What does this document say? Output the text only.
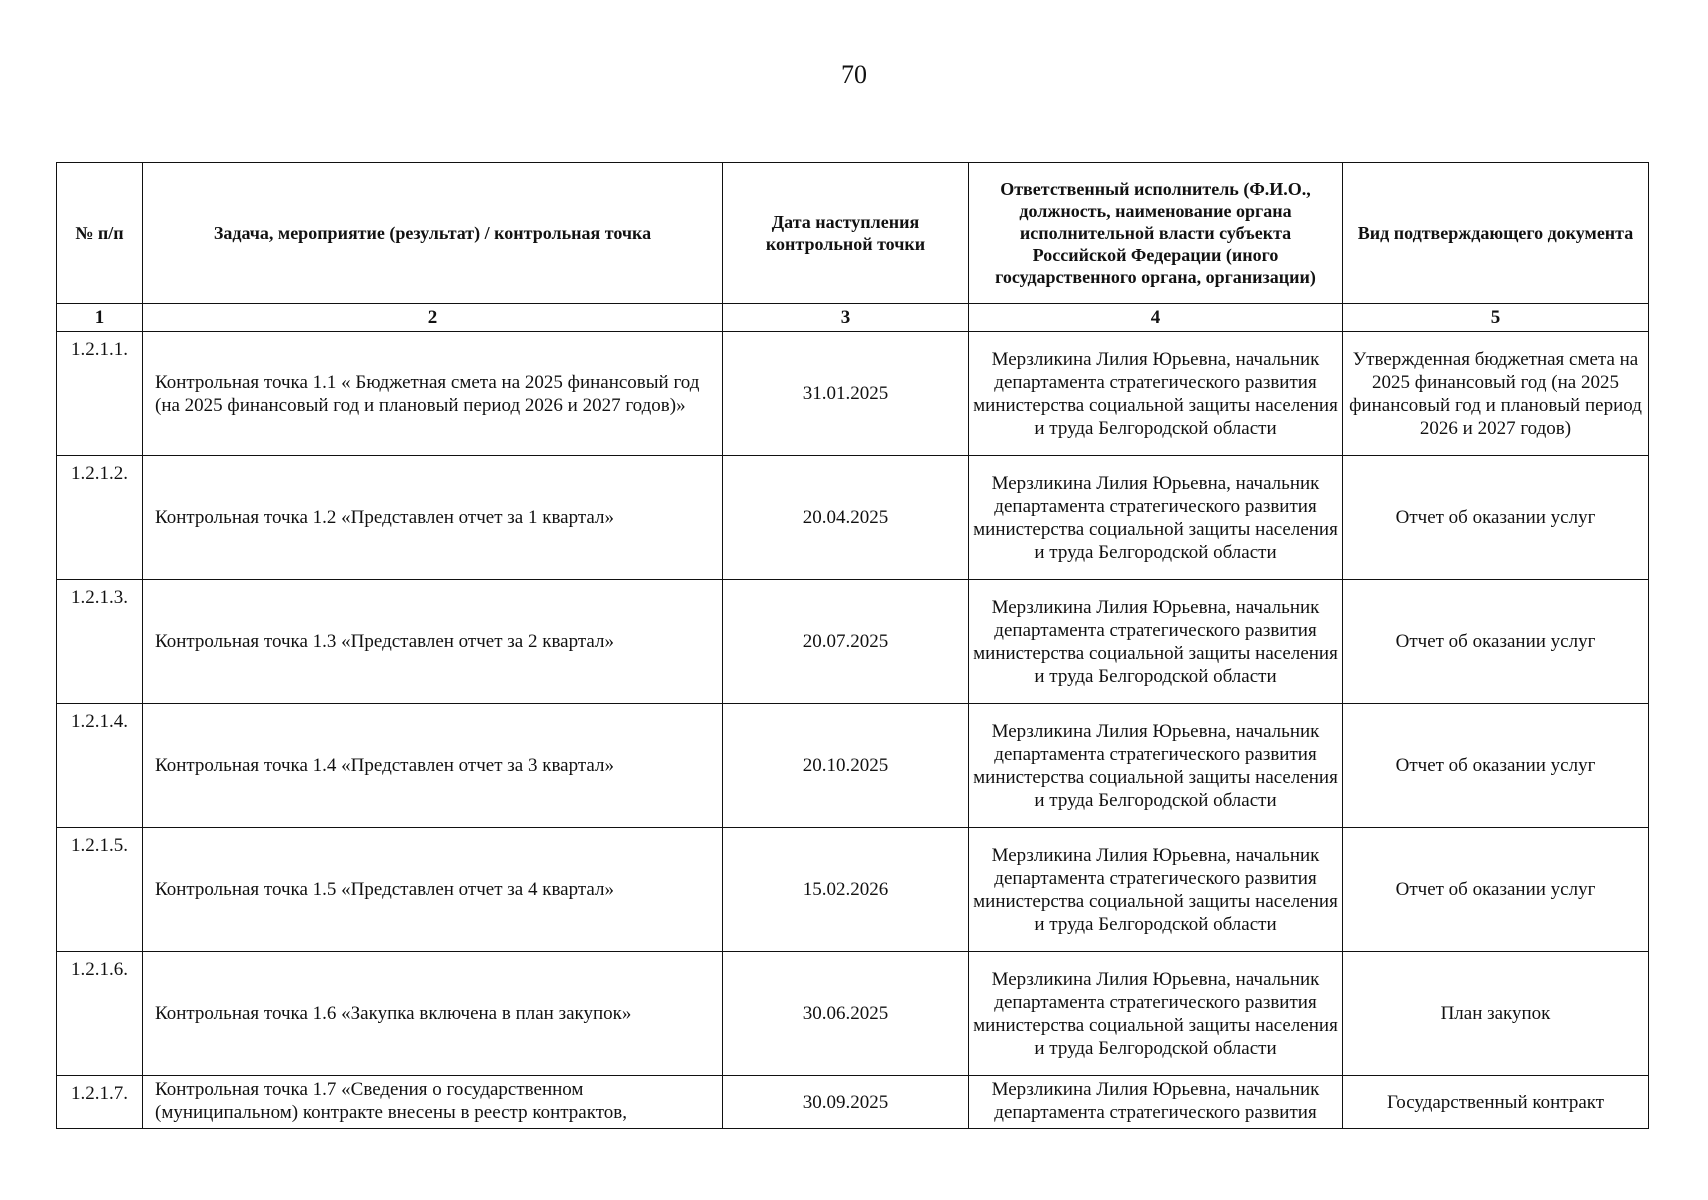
70
№ п/п	Задача, мероприятие (результат) / контрольная точка	Дата наступления контрольной точки	Ответственный исполнитель (Ф.И.О., должность, наименование органа исполнительной власти субъекта Российской Федерации (иного государственного органа, организации)	Вид подтверждающего документа
1	2	3	4	5
1.2.1.1.	Контрольная точка 1.1 « Бюджетная смета на 2025 финансовый год (на 2025 финансовый год и плановый период 2026 и 2027 годов)»	31.01.2025	Мерзликина Лилия Юрьевна, начальник департамента стратегического развития министерства социальной защиты населения и труда Белгородской области	Утвержденная бюджетная смета на 2025 финансовый год (на 2025 финансовый год и плановый период 2026 и 2027 годов)
1.2.1.2.	Контрольная точка 1.2 «Представлен отчет за 1 квартал»	20.04.2025	Мерзликина Лилия Юрьевна, начальник департамента стратегического развития министерства социальной защиты населения и труда Белгородской области	Отчет об оказании услуг
1.2.1.3.	Контрольная точка 1.3 «Представлен отчет за 2 квартал»	20.07.2025	Мерзликина Лилия Юрьевна, начальник департамента стратегического развития министерства социальной защиты населения и труда Белгородской области	Отчет об оказании услуг
1.2.1.4.	Контрольная точка 1.4 «Представлен отчет за 3 квартал»	20.10.2025	Мерзликина Лилия Юрьевна, начальник департамента стратегического развития министерства социальной защиты населения и труда Белгородской области	Отчет об оказании услуг
1.2.1.5.	Контрольная точка 1.5 «Представлен отчет за 4 квартал»	15.02.2026	Мерзликина Лилия Юрьевна, начальник департамента стратегического развития министерства социальной защиты населения и труда Белгородской области	Отчет об оказании услуг
1.2.1.6.	Контрольная точка 1.6 «Закупка включена в план закупок»	30.06.2025	Мерзликина Лилия Юрьевна, начальник департамента стратегического развития министерства социальной защиты населения и труда Белгородской области	План закупок
1.2.1.7.	Контрольная точка 1.7 «Сведения о государственном (муниципальном) контракте внесены в реестр контрактов,	30.09.2025	Мерзликина Лилия Юрьевна, начальник департамента стратегического развития	Государственный контракт
